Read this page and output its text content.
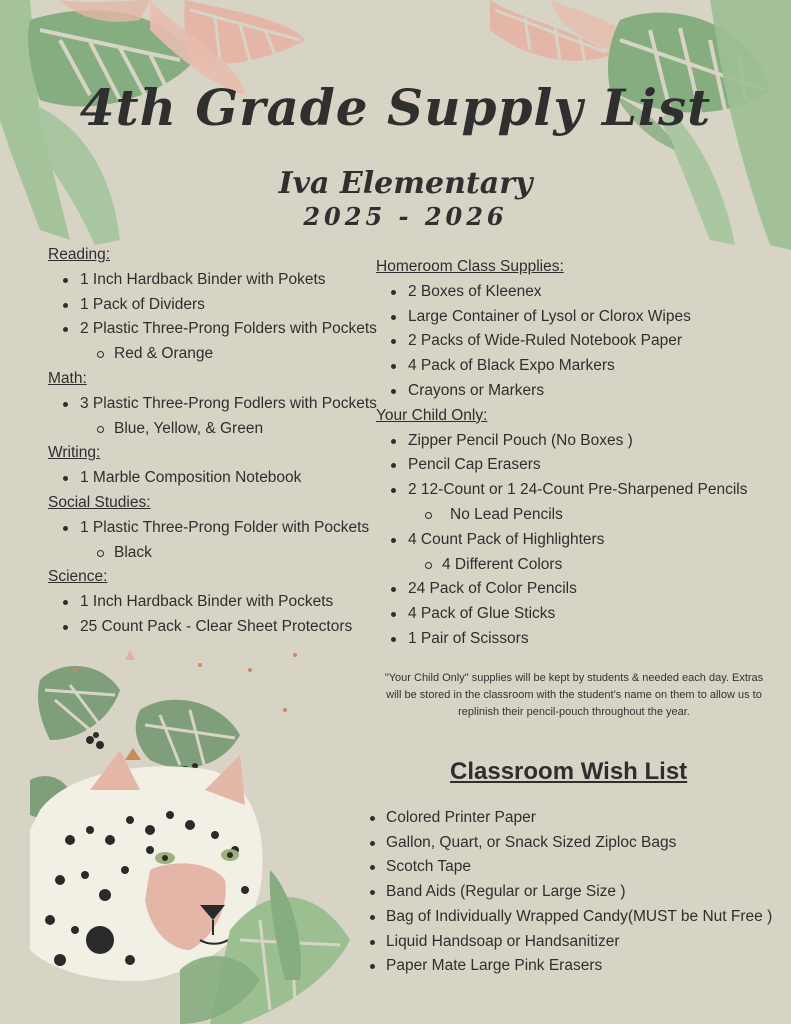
4th Grade Supply List
Iva Elementary
2025 - 2026
Reading:
1 Inch Hardback Binder with Pokets
1 Pack of Dividers
2 Plastic Three-Prong Folders with Pockets
Red & Orange
Math:
3 Plastic Three-Prong Fodlers with Pockets
Blue, Yellow, & Green
Writing:
1 Marble Composition Notebook
Social Studies:
1 Plastic Three-Prong Folder with Pockets
Black
Science:
1 Inch Hardback Binder with Pockets
25 Count Pack - Clear Sheet Protectors
Homeroom Class Supplies:
2 Boxes of Kleenex
Large Container of Lysol or Clorox Wipes
2 Packs of Wide-Ruled Notebook Paper
4 Pack of Black Expo Markers
Crayons or Markers
Your Child Only:
Zipper Pencil Pouch (No Boxes )
Pencil Cap Erasers
2 12-Count or 1 24-Count Pre-Sharpened Pencils
No Lead Pencils
4 Count Pack of Highlighters
4 Different Colors
24 Pack of Color Pencils
4 Pack of Glue Sticks
1 Pair of Scissors

"Your Child Only" supplies will be kept by students & needed each day. Extras will be stored in the classroom with the student's name on them to allow us to replinish their pencil-pouch throughout the year.

Classroom Wish List
Colored Printer Paper
Gallon, Quart, or Snack Sized Ziploc Bags
Scotch Tape
Band Aids (Regular or Large Size )
Bag of Individually Wrapped Candy(MUST be Nut Free )
Liquid Handsoap or Handsanitizer
Paper Mate Large Pink Erasers
